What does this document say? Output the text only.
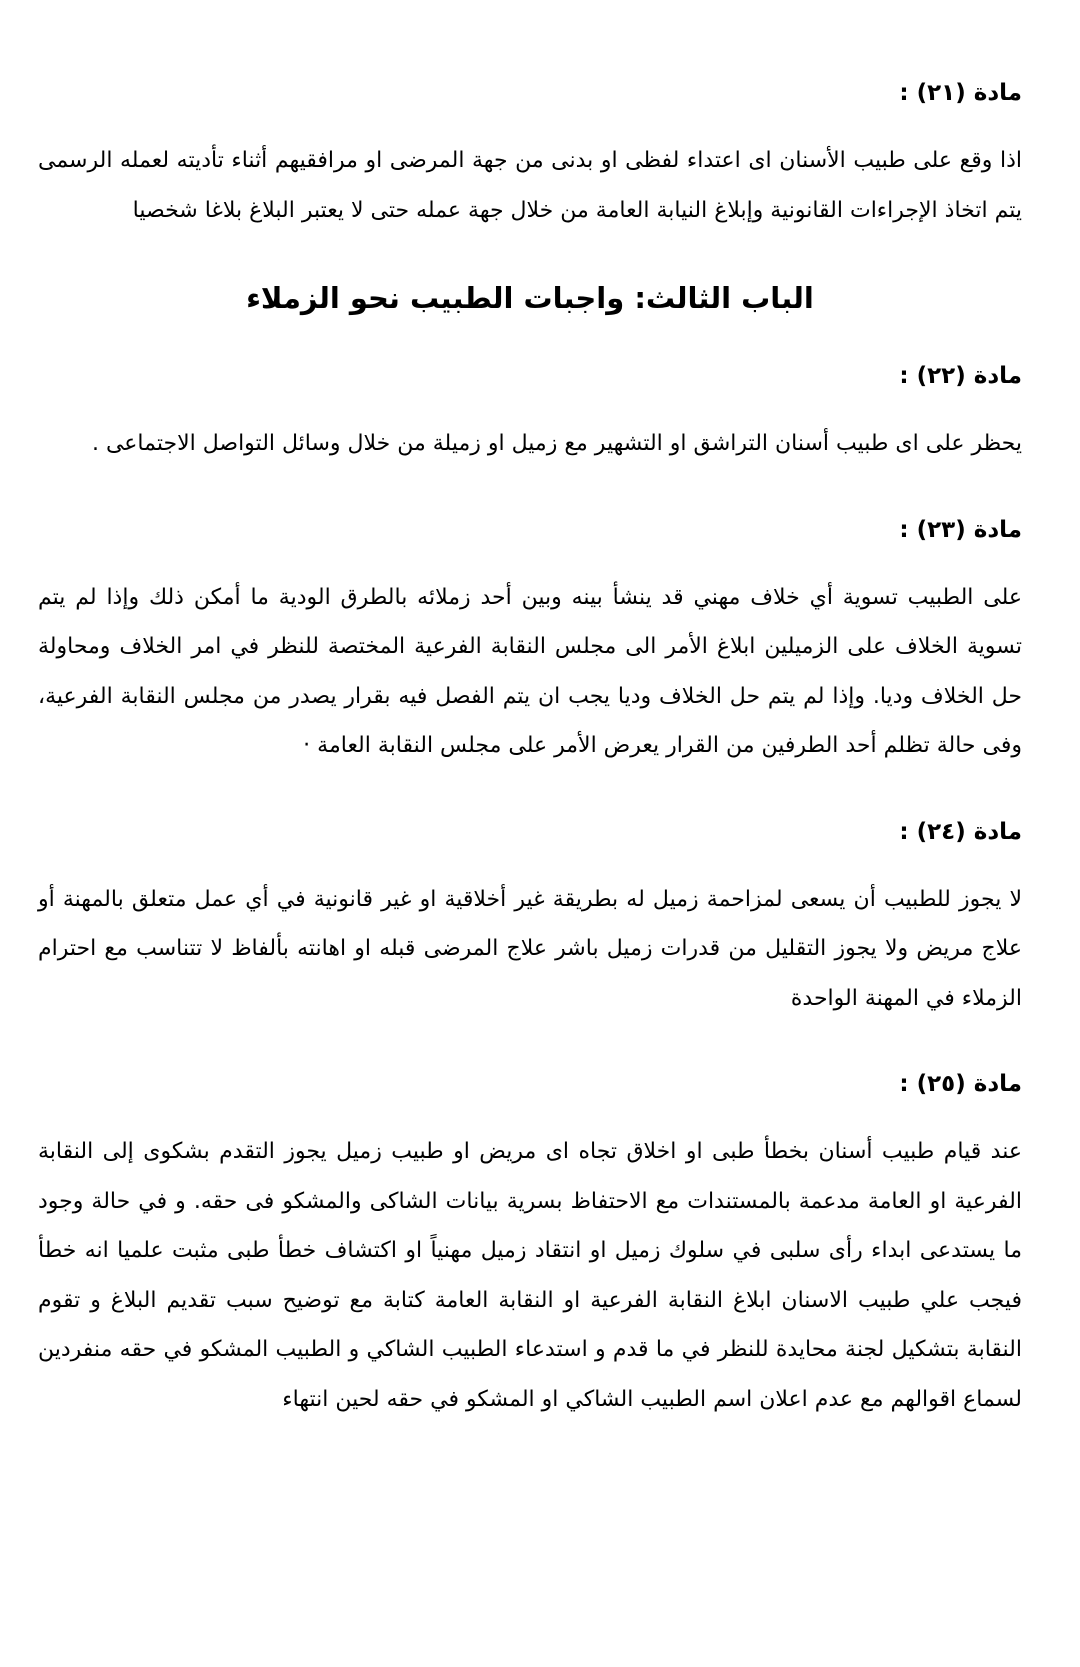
مادة (٢١) :

اذا وقع على طبيب الأسنان اى اعتداء لفظى او بدنى من جهة المرضى او مرافقيهم أثناء تأديته لعمله الرسمى يتم اتخاذ الإجراءات القانونية وإبلاغ النيابة العامة من خلال جهة عمله حتى لا يعتبر البلاغ بلاغا شخصيا

الباب الثالث: واجبات الطبيب نحو الزملاء
مادة (٢٢) :

يحظر على اى طبيب أسنان التراشق او التشهير مع زميل او زميلة من خلال وسائل التواصل الاجتماعى .

مادة (٢٣) :

على الطبيب تسوية أي خلاف مهني قد ينشأ بينه وبين أحد زملائه بالطرق الودية ما أمكن ذلك وإذا لم يتم تسوية الخلاف على الزميلين ابلاغ الأمر الى مجلس النقابة الفرعية المختصة للنظر في امر الخلاف ومحاولة حل الخلاف وديا. وإذا لم يتم حل الخلاف وديا يجب ان يتم الفصل فيه بقرار يصدر من مجلس النقابة الفرعية، وفى حالة تظلم أحد الطرفين من القرار يعرض الأمر على مجلس النقابة العامة ·

مادة (٢٤) :

لا يجوز للطبيب أن يسعى لمزاحمة زميل له بطريقة غير أخلاقية او غير قانونية في أي عمل متعلق بالمهنة أو علاج مريض ولا يجوز التقليل من قدرات زميل باشر علاج المرضى قبله او اهانته بألفاظ لا تتناسب مع احترام الزملاء في المهنة الواحدة

مادة (٢٥) :

عند قيام طبيب أسنان بخطأ طبى او اخلاق تجاه اى مريض او طبيب زميل يجوز التقدم بشكوى إلى النقابة الفرعية او العامة مدعمة بالمستندات مع الاحتفاظ بسرية بيانات الشاكى والمشكو فى حقه. و في حالة وجود ما يستدعى ابداء رأى سلبى في سلوك زميل او انتقاد زميل مهنياً او اكتشاف خطأ طبى مثبت علميا انه خطأ فيجب علي طبيب الاسنان ابلاغ النقابة الفرعية او النقابة العامة كتابة مع توضيح سبب تقديم البلاغ و تقوم النقابة بتشكيل لجنة محايدة للنظر في ما قدم و استدعاء الطبيب الشاكي و الطبيب المشكو في حقه منفردين لسماع اقوالهم مع عدم اعلان اسم الطبيب الشاكي او المشكو في حقه لحين انتهاء
